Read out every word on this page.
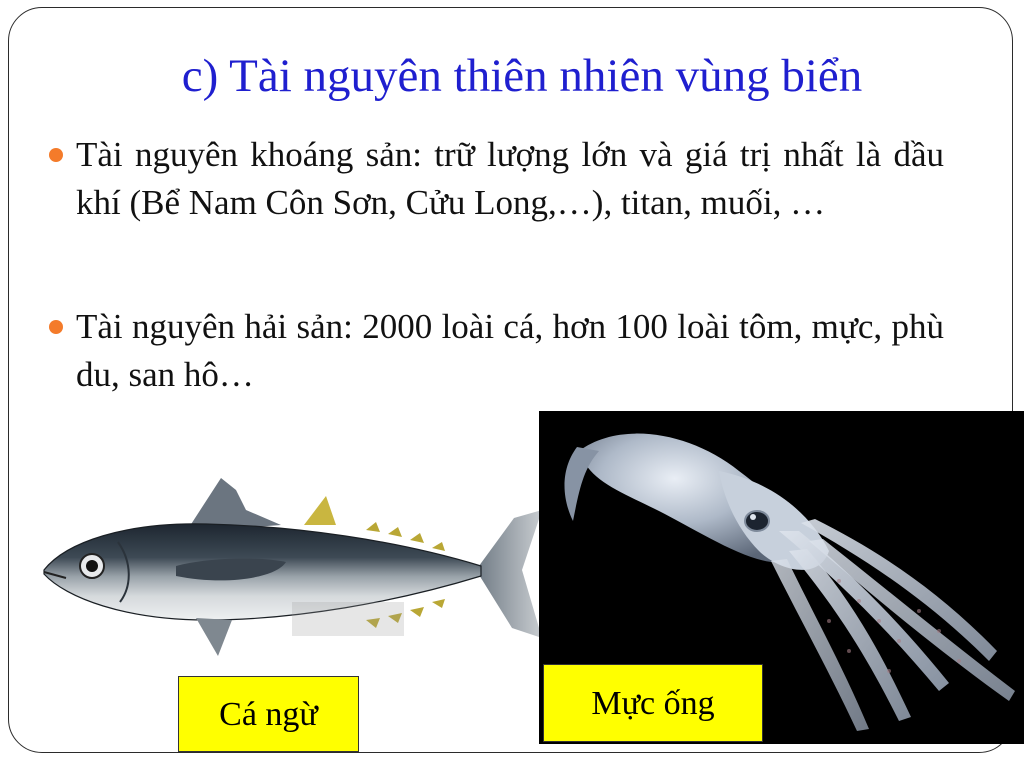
c) Tài nguyên thiên nhiên vùng biển
Tài nguyên khoáng sản: trữ lượng lớn và giá trị nhất là dầu khí (Bể Nam Côn Sơn, Cửu Long,…), titan, muối, …
Tài nguyên hải sản: 2000 loài cá, hơn 100 loài tôm, mực, phù du, san hô…
Cá ngừ	Mực ống
